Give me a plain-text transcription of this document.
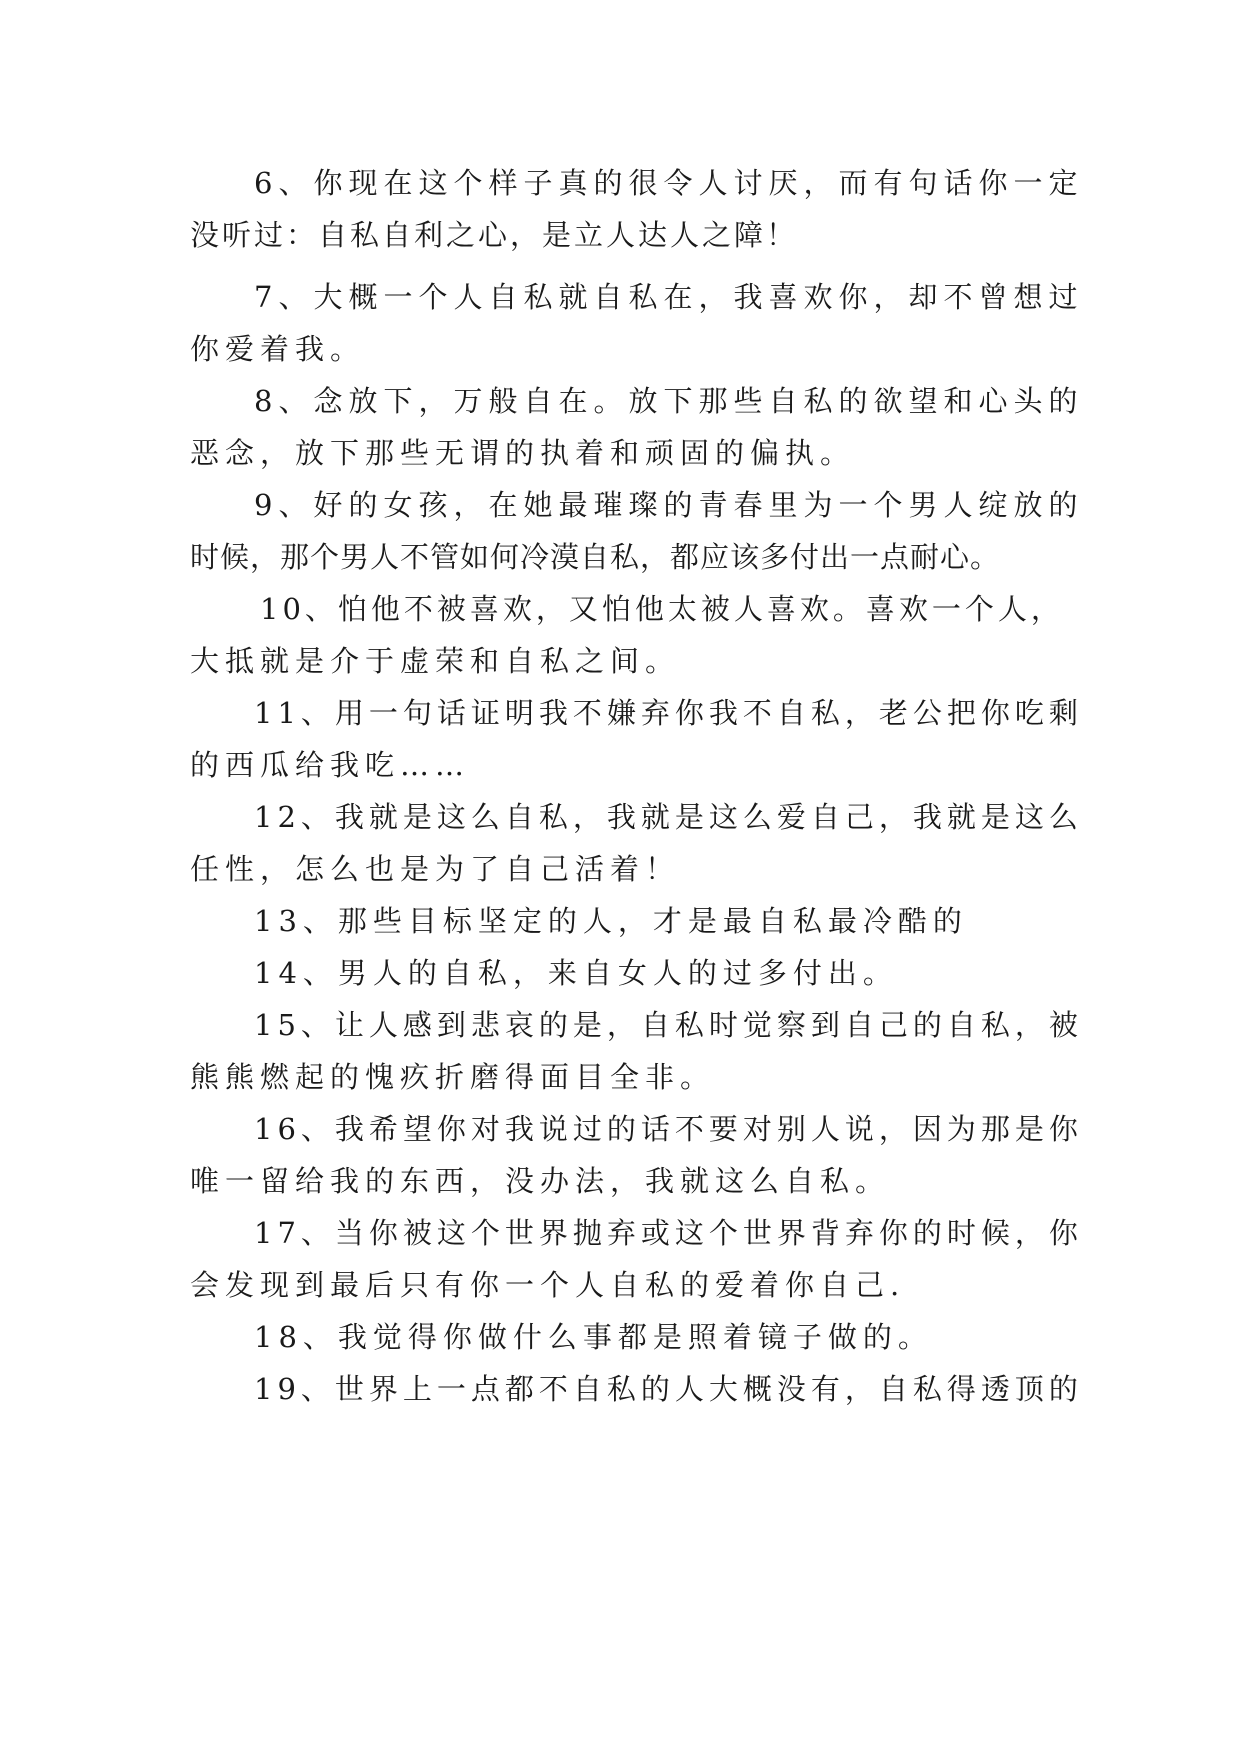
6、你现在这个样子真的很令人讨厌，而有句话你一定
没听过：自私自利之心，是立人达人之障！
7、大概一个人自私就自私在，我喜欢你，却不曾想过
你爱着我。
8、念放下，万般自在。放下那些自私的欲望和心头的
恶念，放下那些无谓的执着和顽固的偏执。
9、好的女孩，在她最璀璨的青春里为一个男人绽放的
时候，那个男人不管如何冷漠自私，都应该多付出一点耐心。
10、怕他不被喜欢，又怕他太被人喜欢。喜欢一个人，
大抵就是介于虚荣和自私之间。
11、用一句话证明我不嫌弃你我不自私，老公把你吃剩
的西瓜给我吃……
12、我就是这么自私，我就是这么爱自己，我就是这么
任性，怎么也是为了自己活着！
13、那些目标坚定的人，才是最自私最冷酷的
14、男人的自私，来自女人的过多付出。
15、让人感到悲哀的是，自私时觉察到自己的自私，被
熊熊燃起的愧疚折磨得面目全非。
16、我希望你对我说过的话不要对别人说，因为那是你
唯一留给我的东西，没办法，我就这么自私。
17、当你被这个世界抛弃或这个世界背弃你的时候，你
会发现到最后只有你一个人自私的爱着你自己.
18、我觉得你做什么事都是照着镜子做的。
19、世界上一点都不自私的人大概没有，自私得透顶的
